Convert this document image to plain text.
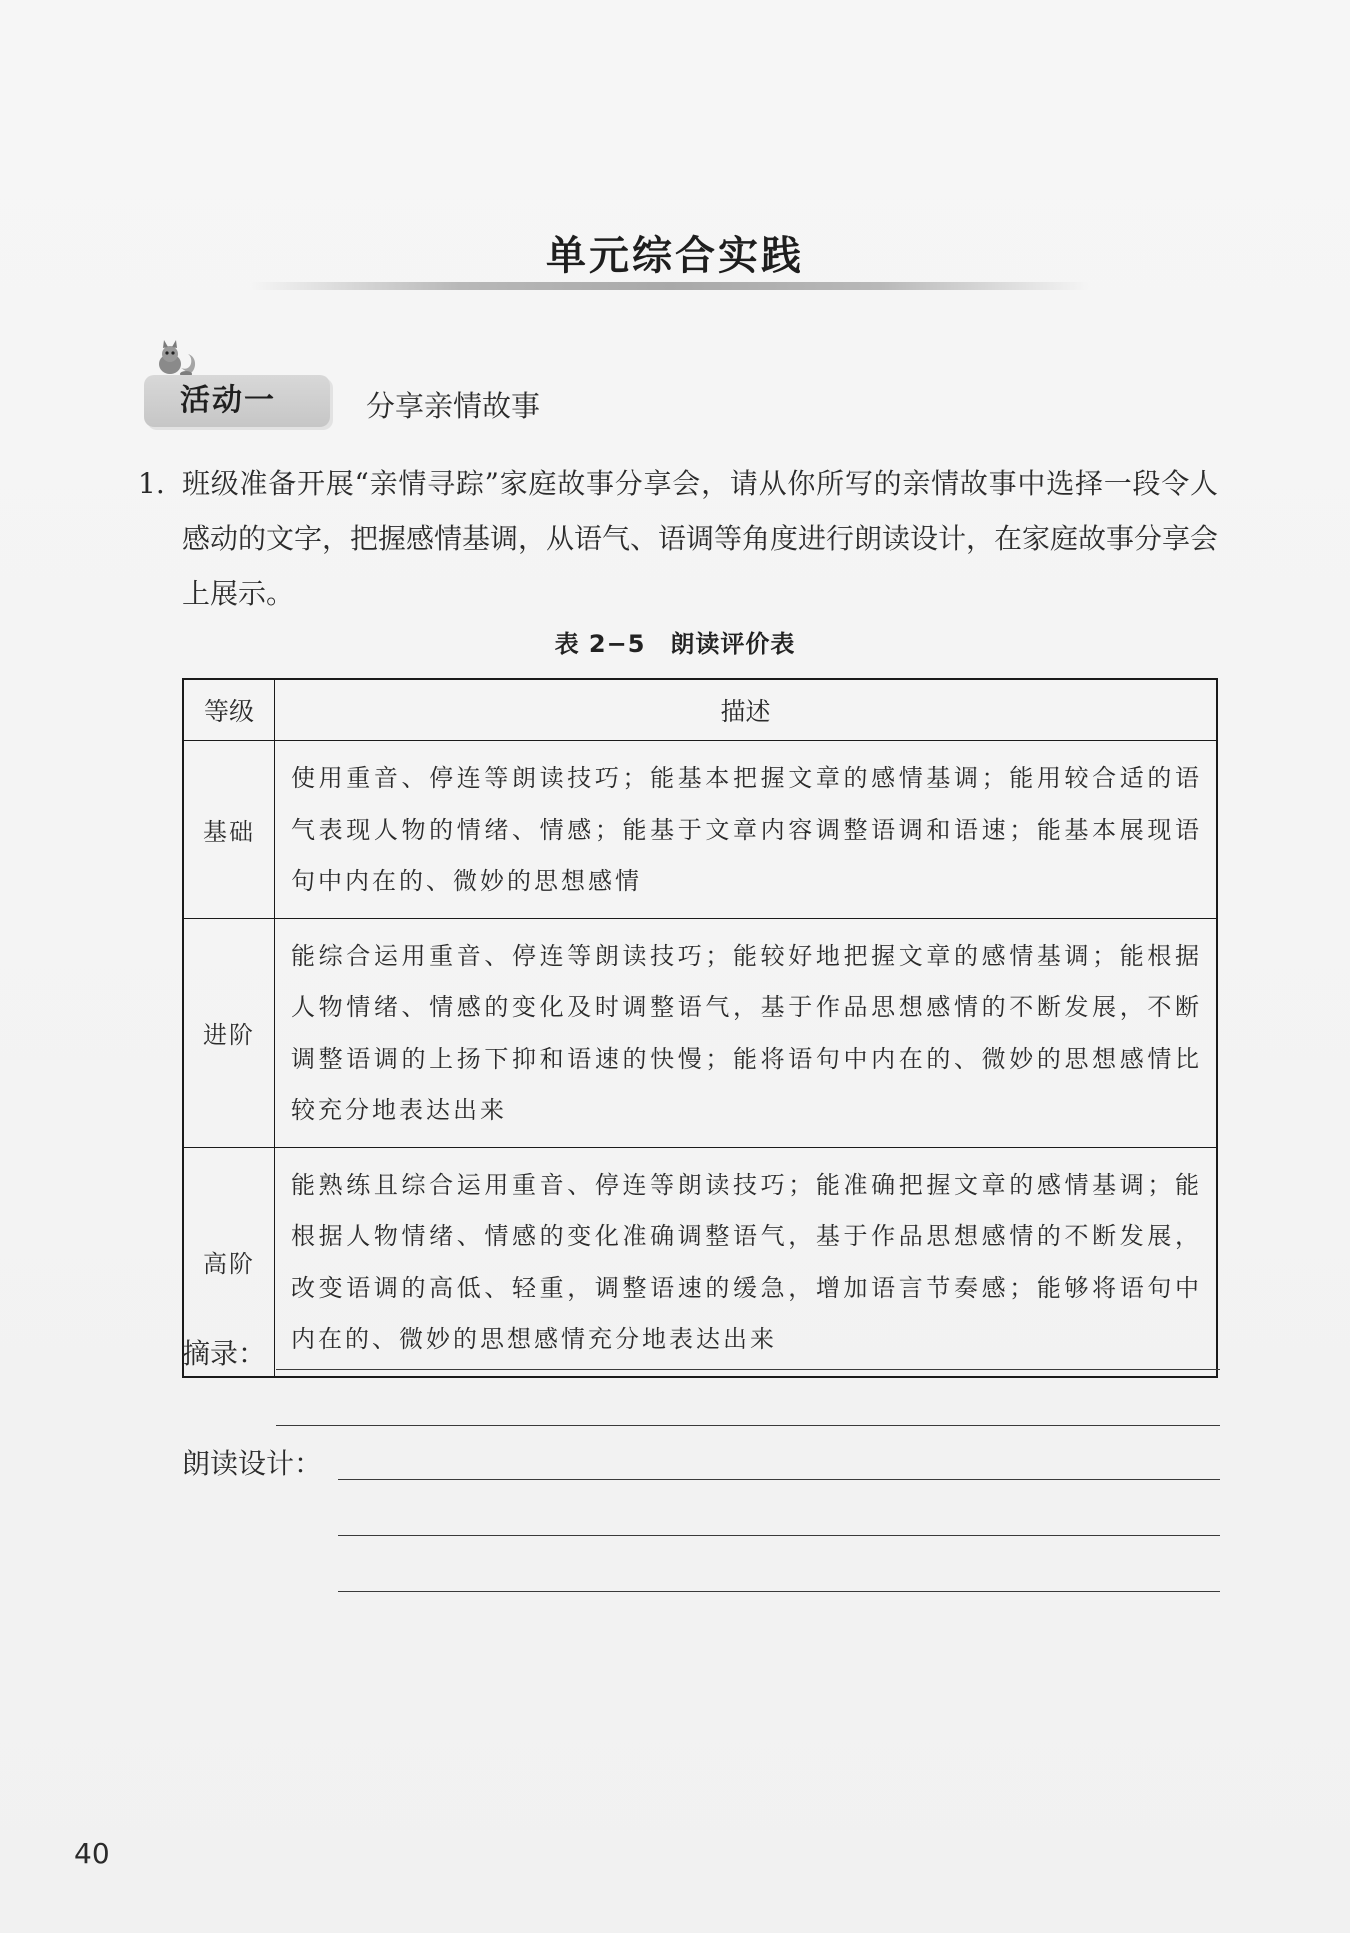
单元综合实践
活动一	分享亲情故事
1. 班级准备开展“亲情寻踪”家庭故事分享会，请从你所写的亲情故事中选择一段令人感动的文字，把握感情基调，从语气、语调等角度进行朗读设计，在家庭故事分享会上展示。
表 2−5　朗读评价表
等级	描述
基础	使用重音、停连等朗读技巧；能基本把握文章的感情基调；能用较合适的语气表现人物的情绪、情感；能基于文章内容调整语调和语速；能基本展现语句中内在的、微妙的思想感情
进阶	能综合运用重音、停连等朗读技巧；能较好地把握文章的感情基调；能根据人物情绪、情感的变化及时调整语气，基于作品思想感情的不断发展，不断调整语调的上扬下抑和语速的快慢；能将语句中内在的、微妙的思想感情比较充分地表达出来
高阶	能熟练且综合运用重音、停连等朗读技巧；能准确把握文章的感情基调；能根据人物情绪、情感的变化准确调整语气，基于作品思想感情的不断发展，改变语调的高低、轻重，调整语速的缓急，增加语言节奏感；能够将语句中内在的、微妙的思想感情充分地表达出来
摘录：
朗读设计：
40
